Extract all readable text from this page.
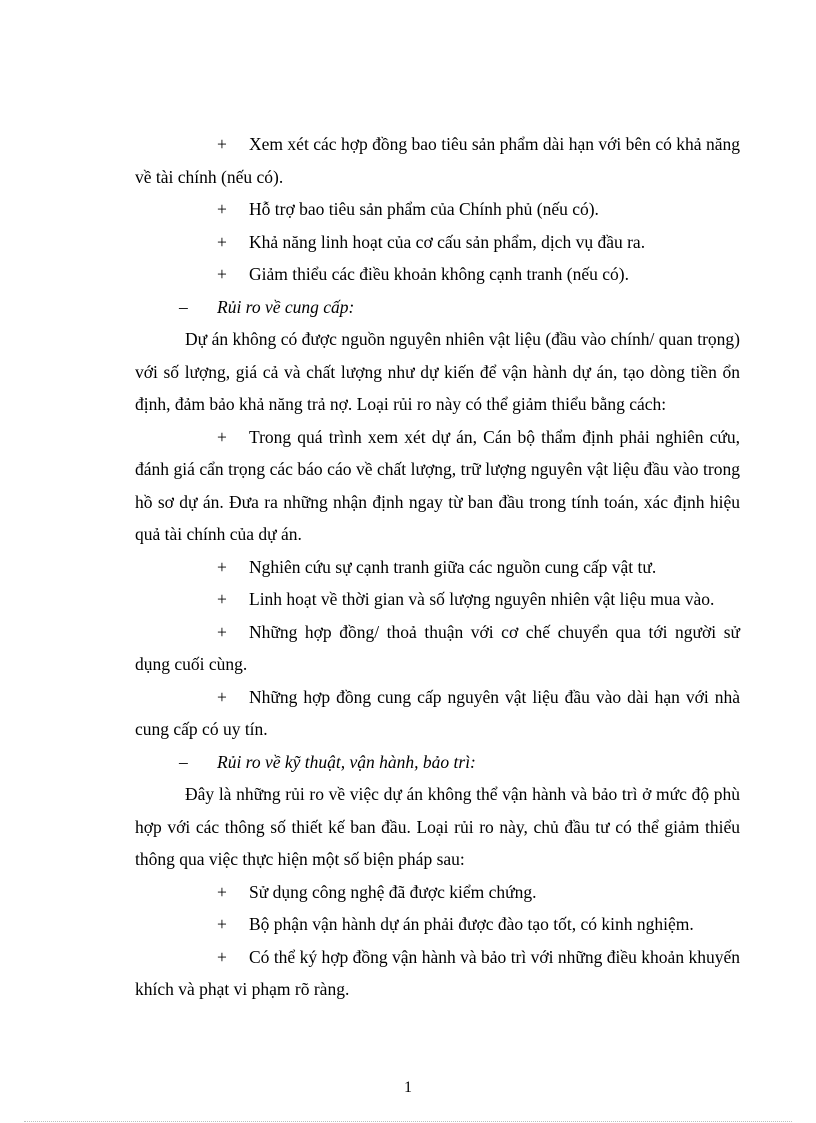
+ Xem xét các hợp đồng bao tiêu sản phẩm dài hạn với bên có khả năng về tài chính (nếu có).

+ Hỗ trợ bao tiêu sản phẩm của Chính phủ (nếu có).

+ Khả năng linh hoạt của cơ cấu sản phẩm, dịch vụ đầu ra.

+ Giảm thiểu các điều khoản không cạnh tranh (nếu có).

– Rủi ro về cung cấp:

Dự án không có được nguồn nguyên nhiên vật liệu (đầu vào chính/ quan trọng) với số lượng, giá cả và chất lượng như dự kiến để vận hành dự án, tạo dòng tiền ổn định, đảm bảo khả năng trả nợ. Loại rủi ro này có thể giảm thiểu bằng cách:

+ Trong quá trình xem xét dự án, Cán bộ thẩm định phải nghiên cứu, đánh giá cẩn trọng các báo cáo về chất lượng, trữ lượng nguyên vật liệu đầu vào trong hồ sơ dự án. Đưa ra những nhận định ngay từ ban đầu trong tính toán, xác định hiệu quả tài chính của dự án.

+ Nghiên cứu sự cạnh tranh giữa các nguồn cung cấp vật tư.

+ Linh hoạt về thời gian và số lượng nguyên nhiên vật liệu mua vào.

+ Những hợp đồng/ thoả thuận với cơ chế chuyển qua tới người sử dụng cuối cùng.

+ Những hợp đồng cung cấp nguyên vật liệu đầu vào dài hạn với nhà cung cấp có uy tín.

– Rủi ro về kỹ thuật, vận hành, bảo trì:

Đây là những rủi ro về việc dự án không thể vận hành và bảo trì ở mức độ phù hợp với các thông số thiết kế ban đầu. Loại rủi ro này, chủ đầu tư có thể giảm thiểu thông qua việc thực hiện một số biện pháp sau:

+ Sử dụng công nghệ đã được kiểm chứng.

+ Bộ phận vận hành dự án phải được đào tạo tốt, có kinh nghiệm.

+ Có thể ký hợp đồng vận hành và bảo trì với những điều khoản khuyến khích và phạt vi phạm rõ ràng.

1
